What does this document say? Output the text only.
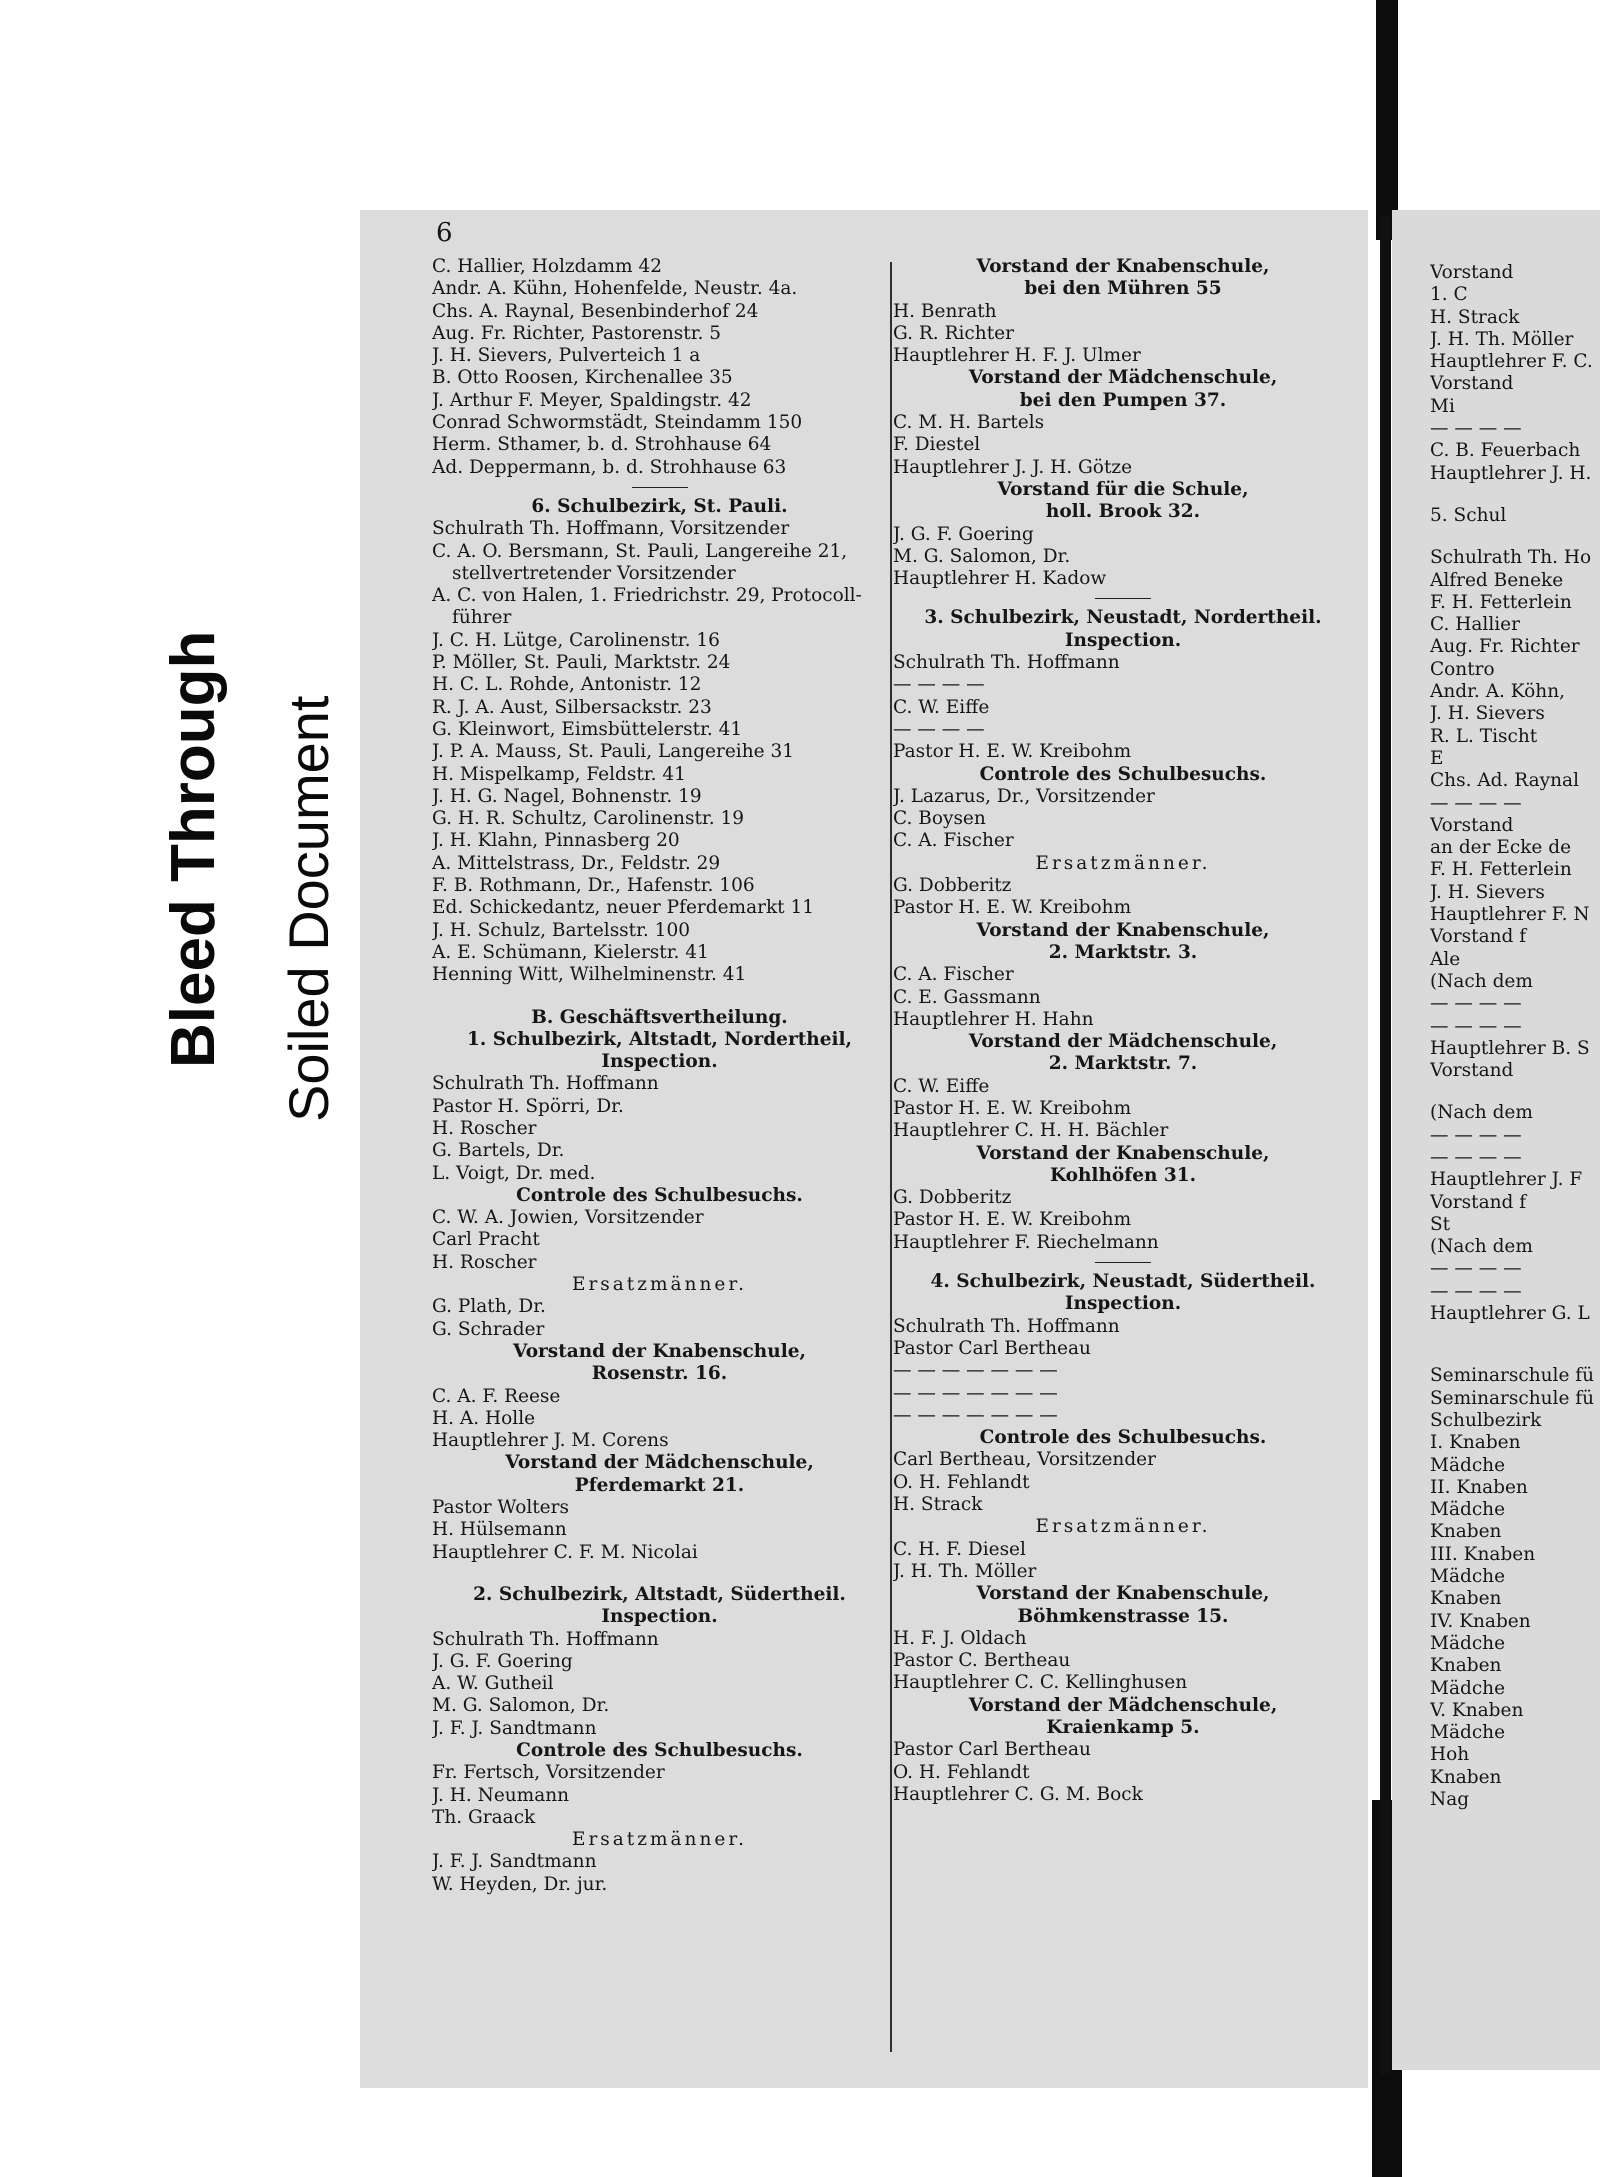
Bleed Through Soiled Document
6
C. Hallier, Holzdamm 42
Andr. A. Kühn, Hohenfelde, Neustr. 4a.
Chs. A. Raynal, Besenbinderhof 24
Aug. Fr. Richter, Pastorenstr. 5
J. H. Sievers, Pulverteich 1 a
B. Otto Roosen, Kirchenallee 35
J. Arthur F. Meyer, Spaldingstr. 42
Conrad Schwormstädt, Steindamm 150
Herm. Sthamer, b. d. Strohhause 64
Ad. Deppermann, b. d. Strohhause 63
6. Schulbezirk, St. Pauli.
Schulrath Th. Hoffmann, Vorsitzender
C. A. O. Bersmann, St. Pauli, Langereihe 21,
stellvertretender Vorsitzender
A. C. von Halen, 1. Friedrichstr. 29, Protocoll-
führer
J. C. H. Lütge, Carolinenstr. 16
P. Möller, St. Pauli, Marktstr. 24
H. C. L. Rohde, Antonistr. 12
R. J. A. Aust, Silbersackstr. 23
G. Kleinwort, Eimsbüttelerstr. 41
J. P. A. Mauss, St. Pauli, Langereihe 31
H. Mispelkamp, Feldstr. 41
J. H. G. Nagel, Bohnenstr. 19
G. H. R. Schultz, Carolinenstr. 19
J. H. Klahn, Pinnasberg 20
A. Mittelstrass, Dr., Feldstr. 29
F. B. Rothmann, Dr., Hafenstr. 106
Ed. Schickedantz, neuer Pferdemarkt 11
J. H. Schulz, Bartelsstr. 100
A. E. Schümann, Kielerstr. 41
Henning Witt, Wilhelminenstr. 41
B. Geschäftsvertheilung.
1. Schulbezirk, Altstadt, Nordertheil,
Inspection.
Schulrath Th. Hoffmann
Pastor H. Spörri, Dr.
H. Roscher
G. Bartels, Dr.
L. Voigt, Dr. med.
Controle des Schulbesuchs.
C. W. A. Jowien, Vorsitzender
Carl Pracht
H. Roscher
Ersatzmänner.
G. Plath, Dr.
G. Schrader
Vorstand der Knabenschule,
Rosenstr. 16.
C. A. F. Reese
H. A. Holle
Hauptlehrer J. M. Corens
Vorstand der Mädchenschule,
Pferdemarkt 21.
Pastor Wolters
H. Hülsemann
Hauptlehrer C. F. M. Nicolai
2. Schulbezirk, Altstadt, Südertheil.
Inspection.
Schulrath Th. Hoffmann
J. G. F. Goering
A. W. Gutheil
M. G. Salomon, Dr.
J. F. J. Sandtmann
Controle des Schulbesuchs.
Fr. Fertsch, Vorsitzender
J. H. Neumann
Th. Graack
Ersatzmänner.
J. F. J. Sandtmann
W. Heyden, Dr. jur.
Vorstand der Knabenschule,
bei den Mühren 55
H. Benrath
G. R. Richter
Hauptlehrer H. F. J. Ulmer
Vorstand der Mädchenschule,
bei den Pumpen 37.
C. M. H. Bartels
F. Diestel
Hauptlehrer J. J. H. Götze
Vorstand für die Schule,
holl. Brook 32.
J. G. F. Goering
M. G. Salomon, Dr.
Hauptlehrer H. Kadow
3. Schulbezirk, Neustadt, Nordertheil.
Inspection.
Schulrath Th. Hoffmann
— — — —
C. W. Eiffe
— — — —
Pastor H. E. W. Kreibohm
Controle des Schulbesuchs.
J. Lazarus, Dr., Vorsitzender
C. Boysen
C. A. Fischer
Ersatzmänner.
G. Dobberitz
Pastor H. E. W. Kreibohm
Vorstand der Knabenschule,
2. Marktstr. 3.
C. A. Fischer
C. E. Gassmann
Hauptlehrer H. Hahn
Vorstand der Mädchenschule,
2. Marktstr. 7.
C. W. Eiffe
Pastor H. E. W. Kreibohm
Hauptlehrer C. H. H. Bächler
Vorstand der Knabenschule,
Kohlhöfen 31.
G. Dobberitz
Pastor H. E. W. Kreibohm
Hauptlehrer F. Riechelmann
4. Schulbezirk, Neustadt, Südertheil.
Inspection.
Schulrath Th. Hoffmann
Pastor Carl Bertheau
— — — — — — —
— — — — — — —
— — — — — — —
Controle des Schulbesuchs.
Carl Bertheau, Vorsitzender
O. H. Fehlandt
H. Strack
Ersatzmänner.
C. H. F. Diesel
J. H. Th. Möller
Vorstand der Knabenschule,
Böhmkenstrasse 15.
H. F. J. Oldach
Pastor C. Bertheau
Hauptlehrer C. C. Kellinghusen
Vorstand der Mädchenschule,
Kraienkamp 5.
Pastor Carl Bertheau
O. H. Fehlandt
Hauptlehrer C. G. M. Bock
Vorstand
1. C
H. Strack
J. H. Th. Möller
Hauptlehrer F. C.
Vorstand
Mi
— — — —
C. B. Feuerbach
Hauptlehrer J. H.
5. Schul
Schulrath Th. Ho
Alfred Beneke
F. H. Fetterlein
C. Hallier
Aug. Fr. Richter
Contro
Andr. A. Köhn,
J. H. Sievers
R. L. Tischt
E
Chs. Ad. Raynal
— — — —
Vorstand
an der Ecke de
F. H. Fetterlein
J. H. Sievers
Hauptlehrer F. N
Vorstand f
Ale
(Nach dem
— — — —
— — — —
Hauptlehrer B. S
Vorstand
(Nach dem
— — — —
— — — —
Hauptlehrer J. F
Vorstand f
St
(Nach dem
— — — —
— — — —
Hauptlehrer G. L
Seminarschule fü
Seminarschule fü
Schulbezirk
I. Knaben
Mädche
II. Knaben
Mädche
Knaben
III. Knaben
Mädche
Knaben
IV. Knaben
Mädche
Knaben
Mädche
V. Knaben
Mädche
Hoh
Knaben
Nag
